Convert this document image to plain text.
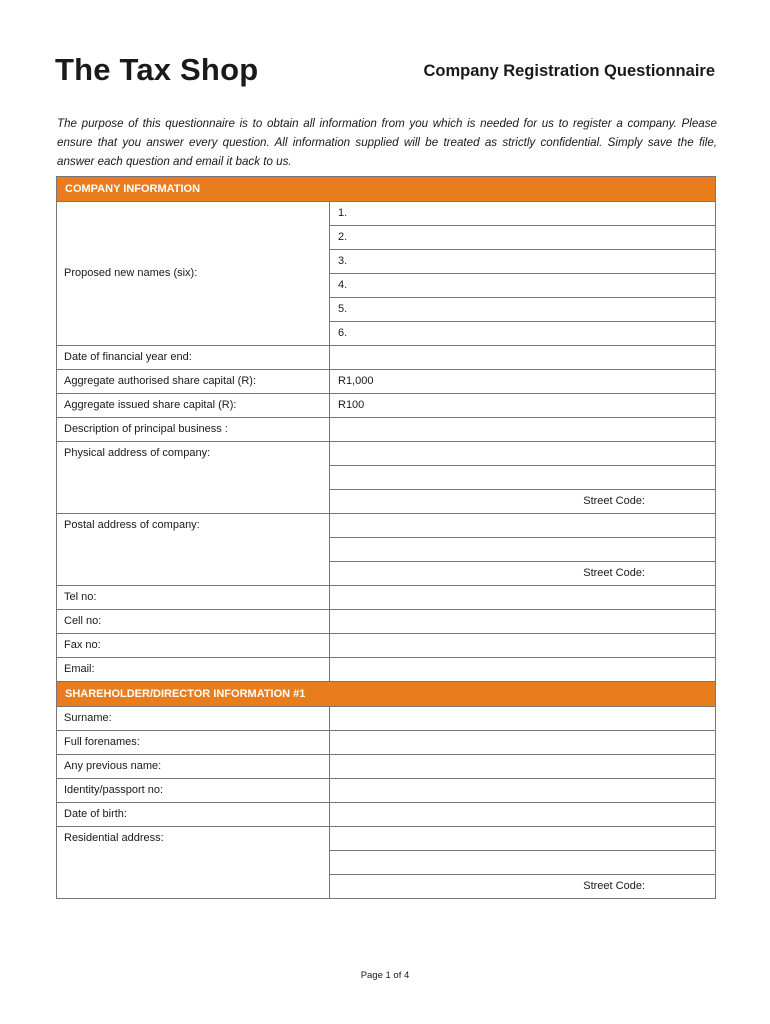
The Tax Shop	Company Registration Questionnaire
The purpose of this questionnaire is to obtain all information from you which is needed for us to register a company. Please ensure that you answer every question. All information supplied will be treated as strictly confidential. Simply save the file, answer each question and email it back to us.
COMPANY INFORMATION	
Proposed new names (six):	1.
	2.
	3.
	4.
	5.
	6.
Date of financial year end:	
Aggregate authorised share capital (R):	R1,000
Aggregate issued share capital (R):	R100
Description of principal business :	
Physical address of company:	

	Street Code:
Postal address of company:	

	Street Code:
Tel no:	
Cell no:	
Fax no:	
Email:	
SHAREHOLDER/DIRECTOR INFORMATION #1	
Surname:	
Full forenames:	
Any previous name:	
Identity/passport no:	
Date of birth:	
Residential address:	

	Street Code:
Page 1 of 4
